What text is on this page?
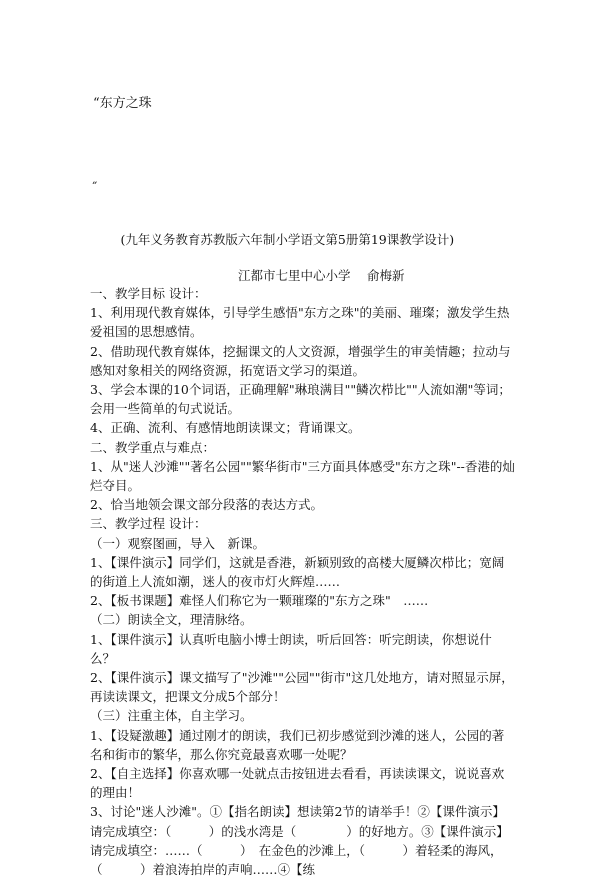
“东方之珠
˝
(九年义务教育苏教版六年制小学语文第5册第19课教学设计)
江都市七里中心小学　 俞梅新

一、教学目标 设计：

1、利用现代教育媒体，引导学生感悟"东方之珠"的美丽、璀璨；激发学生热爱祖国的思想感情。

2、借助现代教育媒体，挖掘课文的人文资源，增强学生的审美情趣；拉动与感知对象相关的网络资源，拓宽语文学习的渠道。

3、学会本课的10个词语，正确理解"琳琅满目""鳞次栉比""人流如潮"等词；会用一些简单的句式说话。

4、正确、流利、有感情地朗读课文；背诵课文。

二、教学重点与难点：

1、从"迷人沙滩""著名公园""繁华街市"三方面具体感受"东方之珠"--香港的灿烂夺目。

2、恰当地领会课文部分段落的表达方式。

三、教学过程 设计：

（一）观察图画，导入　新课。

1、【课件演示】同学们，这就是香港，新颖别致的高楼大厦鳞次栉比；宽阔的街道上人流如潮，迷人的夜市灯火辉煌……

2、【板书课题】难怪人们称它为一颗璀璨的"东方之珠"　……

（二）朗读全文，理清脉络。

1、【课件演示】认真听电脑小博士朗读，听后回答：听完朗读，你想说什么？

2、【课件演示】课文描写了"沙滩""公园""街市"这几处地方，请对照显示屏，再读读课文，把课文分成5个部分！

（三）注重主体，自主学习。

1、【设疑激趣】通过刚才的朗读，我们已初步感觉到沙滩的迷人，公园的著名和街市的繁华，那么你究竟最喜欢哪一处呢？

2、【自主选择】你喜欢哪一处就点击按钮进去看看，再读读课文，说说喜欢的理由！

3、讨论"迷人沙滩"。①【指名朗读】想读第2节的请举手！②【课件演示】请完成填空：（　　　）的浅水湾是（　　　　）的好地方。③【课件演示】请完成填空：……（　　　）　在金色的沙滩上，（　　　）着轻柔的海风，（　　　）着浪涛拍岸的声响……④【练
